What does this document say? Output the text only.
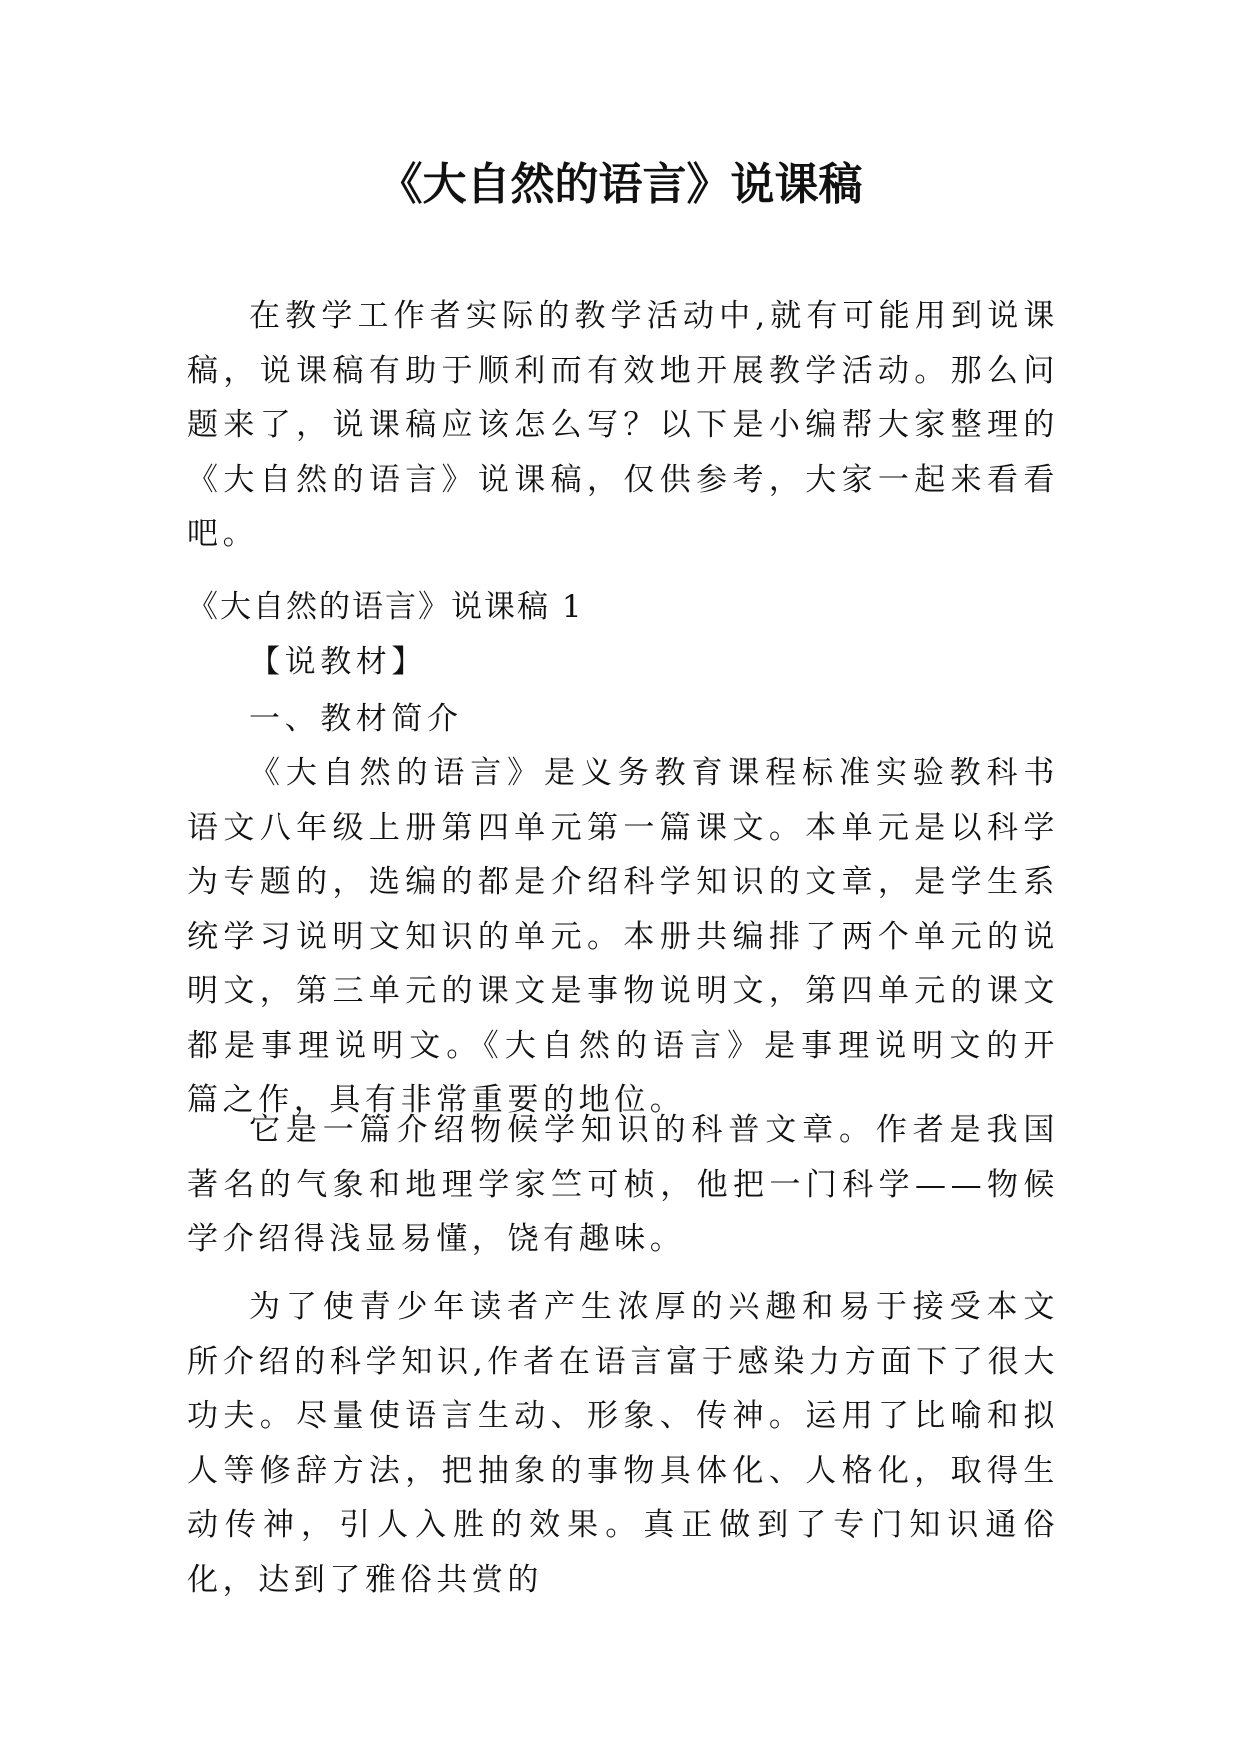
《大自然的语言》说课稿

在教学工作者实际的教学活动中,就有可能用到说课稿，说课稿有助于顺利而有效地开展教学活动。那么问题来了，说课稿应该怎么写？以下是小编帮大家整理的《大自然的语言》说课稿，仅供参考，大家一起来看看吧。

《大自然的语言》说课稿 1

【说教材】

一、教材简介

《大自然的语言》是义务教育课程标准实验教科书语文八年级上册第四单元第一篇课文。本单元是以科学为专题的，选编的都是介绍科学知识的文章，是学生系统学习说明文知识的单元。本册共编排了两个单元的说明文，第三单元的课文是事物说明文，第四单元的课文都是事理说明文。《大自然的语言》是事理说明文的开篇之作，具有非常重要的地位。

它是一篇介绍物候学知识的科普文章。作者是我国著名的气象和地理学家竺可桢，他把一门科学——物候学介绍得浅显易懂，饶有趣味。

为了使青少年读者产生浓厚的兴趣和易于接受本文所介绍的科学知识,作者在语言富于感染力方面下了很大功夫。尽量使语言生动、形象、传神。运用了比喻和拟人等修辞方法，把抽象的事物具体化、人格化，取得生动传神，引人入胜的效果。真正做到了专门知识通俗化，达到了雅俗共赏的
